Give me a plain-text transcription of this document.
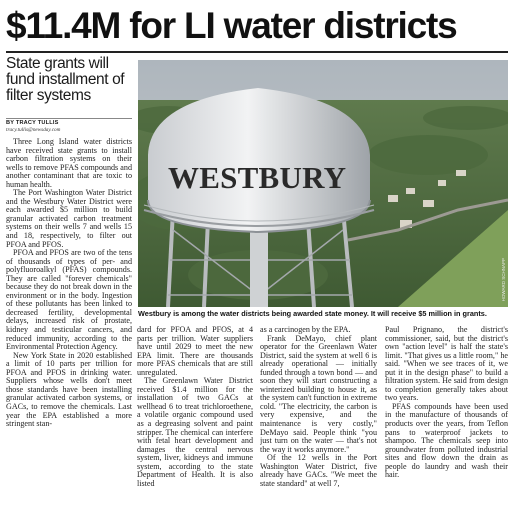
$11.4M for LI water districts
State grants will fund installment of filter systems
BY TRACY TULLIS
tracy.tullis@newsday.com

Three Long Island water districts have received state grants to install carbon filtration systems on their wells to remove PFAS compounds and another contaminant that are toxic to human health.

The Port Washington Water District and the Westbury Water District were each awarded $5 million to build granular activated carbon treatment systems on their wells 7 and wells 15 and 18, respectively, to filter out PFOA and PFOS.

PFOA and PFOS are two of the tens of thousands of types of per- and polyfluoroalkyl (PFAS) compounds. They are called "forever chemicals" because they do not break down in the environment or in the body. Ingestion of these pollutants has been linked to decreased fertility, developmental delays, increased risk of prostate, kidney and testicular cancers, and reduced immunity, according to the Environmental Protection Agency.

New York State in 2020 established a limit of 10 parts per trillion for PFOA and PFOS in drinking water. Suppliers whose wells don't meet those standards have been installing granular activated carbon systems, or GACs, to remove the chemicals. Last year the EPA established a more stringent stan-

WESTBURY
HOWARD SCHNAPP
Westbury is among the water districts being awarded state money. It will receive $5 million in grants.

dard for PFOA and PFOS, at 4 parts per trillion. Water suppliers have until 2029 to meet the new EPA limit. There are thousands more PFAS chemicals that are still unregulated.

The Greenlawn Water District received $1.4 million for the installation of two GACs at wellhead 6 to treat trichloroethene, a volatile organic compound used as a degreasing solvent and paint stripper. The chemical can interfere with fetal heart development and damages the central nervous system, liver, kidneys and immune system, according to the state Department of Health. It is also listed

as a carcinogen by the EPA.

Frank DeMayo, chief plant operator for the Greenlawn Water District, said the system at well 6 is already operational — initially funded through a town bond — and soon they will start constructing a winterized building to house it, as the system can't function in extreme cold. "The electricity, the carbon is very expensive, and the maintenance is very costly," DeMayo said. People think "you just turn on the water — that's not the way it works anymore."

Of the 12 wells in the Port Washington Water District, five already have GACs. "We meet the state standard" at well 7,

Paul Prignano, the district's commissioner, said, but the district's own "action level" is half the state's limit. "That gives us a little room," he said. "When we see traces of it, we put it in the design phase" to build a filtration system. He said from design to completion generally takes about two years.

PFAS compounds have been used in the manufacture of thousands of products over the years, from Teflon pans to waterproof jackets to shampoo. The chemicals seep into groundwater from polluted industrial sites and flow down the drain as people do laundry and wash their hair.
